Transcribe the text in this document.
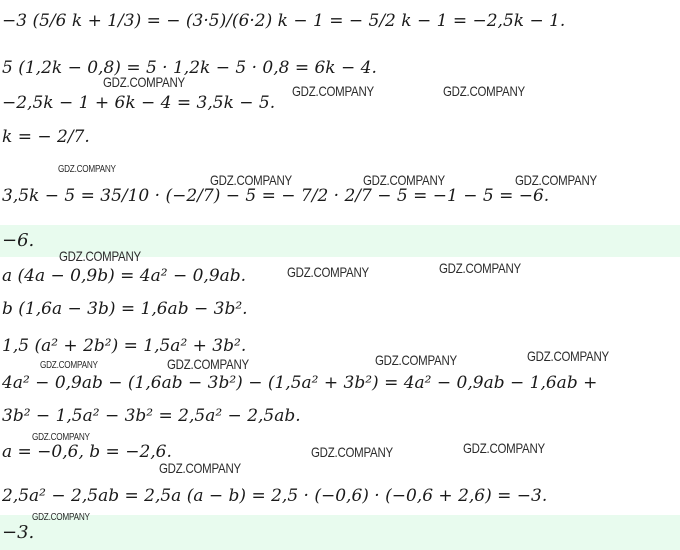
−3 (5/6 k + 1/3) = − (3·5)/(6·2) k − 1 = − 5/2 k − 1 = −2,5k − 1.
5 (1,2k − 0,8) = 5 · 1,2k − 5 · 0,8 = 6k − 4.
−2,5k − 1 + 6k − 4 = 3,5k − 5.
k = − 2/7.
3,5k − 5 = 35/10 · (−2/7) − 5 = − 7/2 · 2/7 − 5 = −1 − 5 = −6.
−6.
a (4a − 0,9b) = 4a² − 0,9ab.
b (1,6a − 3b) = 1,6ab − 3b².
1,5 (a² + 2b²) = 1,5a² + 3b².
4a² − 0,9ab − (1,6ab − 3b²) − (1,5a² + 3b²) = 4a² − 0,9ab − 1,6ab +
3b² − 1,5a² − 3b² = 2,5a² − 2,5ab.
a = −0,6, b = −2,6.
2,5a² − 2,5ab = 2,5a (a − b) = 2,5 · (−0,6) · (−0,6 + 2,6) = −3.
−3.
GDZ.COMPANY
GDZ.COMPANY	GDZ.COMPANY
GDZ.COMPANY
GDZ.COMPANY	GDZ.COMPANY	GDZ.COMPANY
GDZ.COMPANY
GDZ.COMPANY	GDZ.COMPANY
GDZ.COMPANY	GDZ.COMPANY	GDZ.COMPANY	GDZ.COMPANY
GDZ.COMPANY
GDZ.COMPANY	GDZ.COMPANY
GDZ.COMPANY
GDZ.COMPANY
